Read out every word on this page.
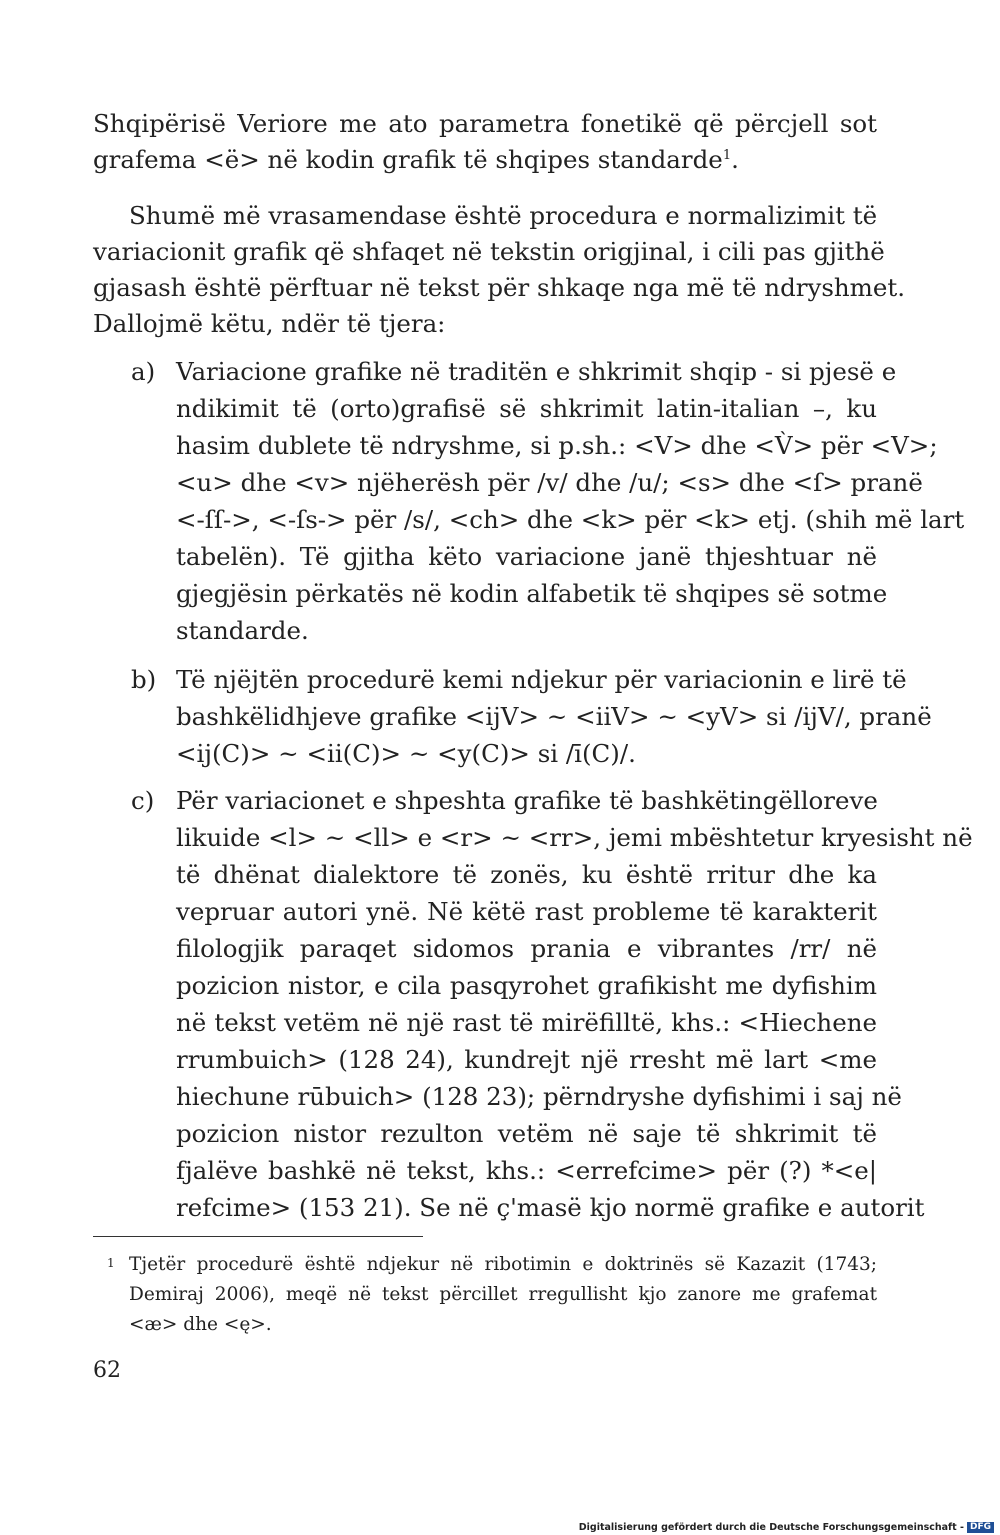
Shqipërisë Veriore me ato parametra fonetikë që përcjell sot
grafema <ë> në kodin grafik të shqipes standarde$^1$.
Shumë më vrasamendase është procedura e normalizimit të
variacionit grafik që shfaqet në tekstin origjinal, i cili pas gjithë
gjasash është përftuar në tekst për shkaqe nga më të ndryshmet.
Dallojmë këtu, ndër të tjera:
a) Variacione grafike në traditën e shkrimit shqip - si pjesë e
ndikimit të (orto)grafisë së shkrimit latin-italian –, ku
hasim dublete të ndryshme, si p.sh.: <V> dhe <V̀> për <V>;
<u> dhe <v> njëherësh për /v/ dhe /u/; <s> dhe <ſ> pranë
<-ſſ->, <-ſs-> për /s/, <ch> dhe <k> për <k> etj. (shih më lart
tabelën). Të gjitha këto variacione janë thjeshtuar në
gjegjësin përkatës në kodin alfabetik të shqipes së sotme
standarde.
b) Të njëjtën procedurë kemi ndjekur për variacionin e lirë të
bashkëlidhjeve grafike <ijV> ~ <iiV> ~ <yV> si /ijV/, pranë
<ij(C)> ~ <ii(C)> ~ <y(C)> si /ī(C)/.
c) Për variacionet e shpeshta grafike të bashkëtingëlloreve
likuide <l> ~ <ll> e <r> ~ <rr>, jemi mbështetur kryesisht në
të dhënat dialektore të zonës, ku është rritur dhe ka
vepruar autori ynë. Në këtë rast probleme të karakterit
filologjik paraqet sidomos prania e vibrantes /rr/ në
pozicion nistor, e cila pasqyrohet grafikisht me dyfishim
në tekst vetëm në një rast të mirëfilltë, khs.: <Hiechene
rrumbuich> (128 24), kundrejt një rresht më lart <me
hiechune rūbuich> (128 23); përndryshe dyfishimi i saj në
pozicion nistor rezulton vetëm në saje të shkrimit të
fjalëve bashkë në tekst, khs.: <errefcime> për (?) *<e|
refcime> (153 21). Se në ç'masë kjo normë grafike e autorit
1 Tjetër procedurë është ndjekur në ribotimin e doktrinës së Kazazit (1743;
Demiraj 2006), meqë në tekst përcillet rregullisht kjo zanore me grafemat
<æ> dhe <ę>.
62
Digitalisierung gefördert durch die Deutsche Forschungsgemeinschaft - DFG
